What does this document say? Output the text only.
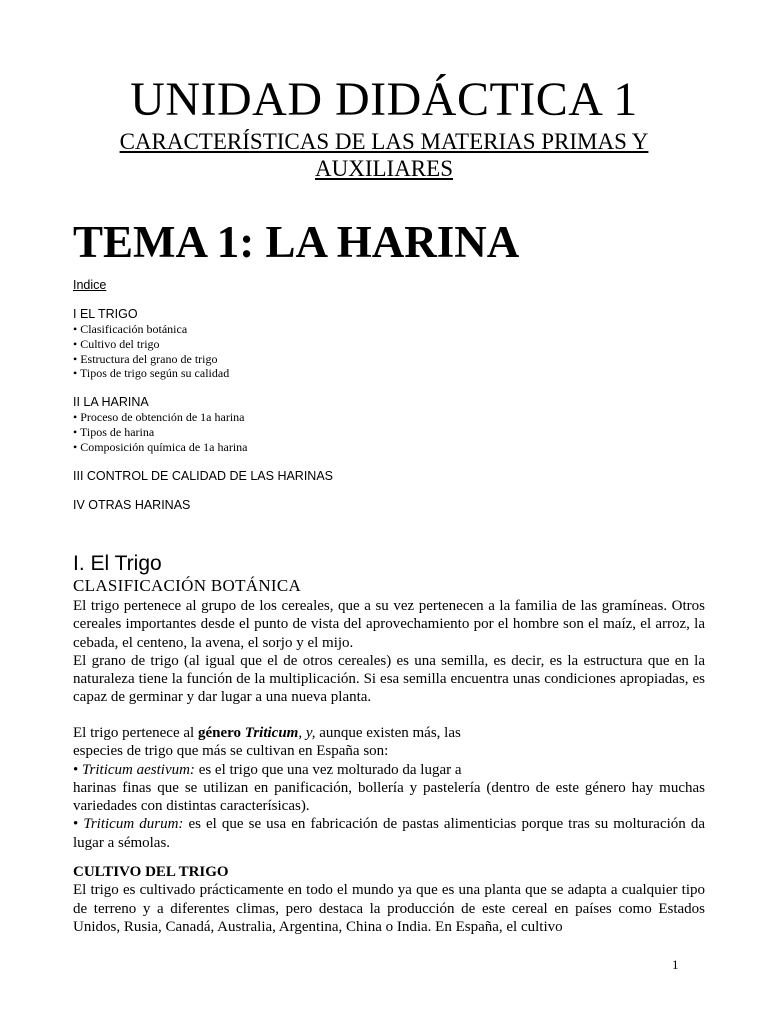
UNIDAD DIDÁCTICA 1
CARACTERÍSTICAS DE LAS MATERIAS PRIMAS Y
AUXILIARES
TEMA 1: LA HARINA
Indice
I EL TRIGO
• Clasificación botánica
• Cultivo del trigo
• Estructura del grano de trigo
• Tipos de trigo según su calidad
II LA HARINA
• Proceso de obtención de 1a harina
• Tipos de harina
• Composición química de 1a harina
III CONTROL DE CALIDAD DE LAS HARINAS
IV OTRAS HARINAS
I. El Trigo
CLASIFICACIÓN BOTÁNICA

El trigo pertenece al grupo de los cereales, que a su vez pertenecen a la familia de las gramíneas. Otros cereales importantes desde el punto de vista del aprovechamiento por el hombre son el maíz, el arroz, la cebada, el centeno, la avena, el sorjo y el mijo.

El grano de trigo (al igual que el de otros cereales) es una semilla, es decir, es la estructura que en la naturaleza tiene la función de la multiplicación. Si esa semilla encuentra unas condiciones apropiadas, es capaz de germinar y dar lugar a una nueva planta.

El trigo pertenece al género Triticum, y, aunque existen más, las

especies de trigo que más se cultivan en España son:

• Triticum aestivum: es el trigo que una vez molturado da lugar a

harinas finas que se utilizan en panificación, bollería y pastelería (dentro de este género hay muchas variedades con distintas caracterísicas).

• Triticum durum: es el que se usa en fabricación de pastas alimenticias porque tras su molturación da lugar a sémolas.

CULTIVO DEL TRIGO

El trigo es cultivado prácticamente en todo el mundo ya que es una planta que se adapta a cualquier tipo de terreno y a diferentes climas, pero destaca la producción de este cereal en países como Estados Unidos, Rusia, Canadá, Australia, Argentina, China o India. En España, el cultivo

1
